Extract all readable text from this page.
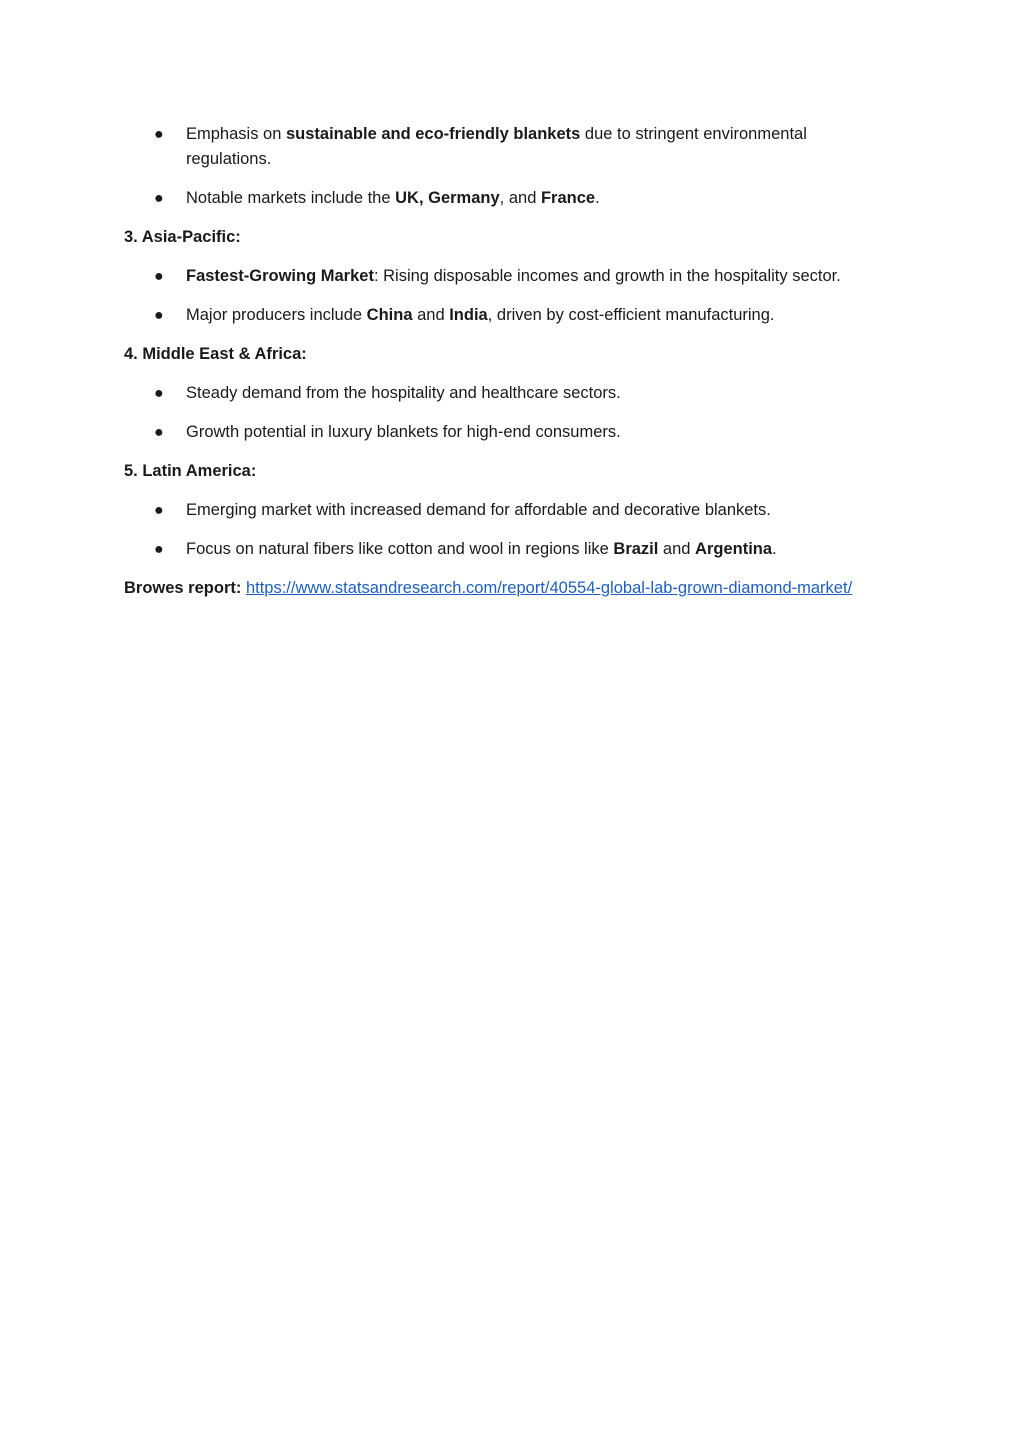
● Emphasis on sustainable and eco-friendly blankets due to stringent environmental regulations.
● Notable markets include the UK, Germany, and France.

3. Asia-Pacific:

● Fastest-Growing Market: Rising disposable incomes and growth in the hospitality sector.
● Major producers include China and India, driven by cost-efficient manufacturing.

4. Middle East & Africa:

● Steady demand from the hospitality and healthcare sectors.
● Growth potential in luxury blankets for high-end consumers.

5. Latin America:

● Emerging market with increased demand for affordable and decorative blankets.
● Focus on natural fibers like cotton and wool in regions like Brazil and Argentina.

Browes report: https://www.statsandresearch.com/report/40554-global-lab-grown-diamond-market/
